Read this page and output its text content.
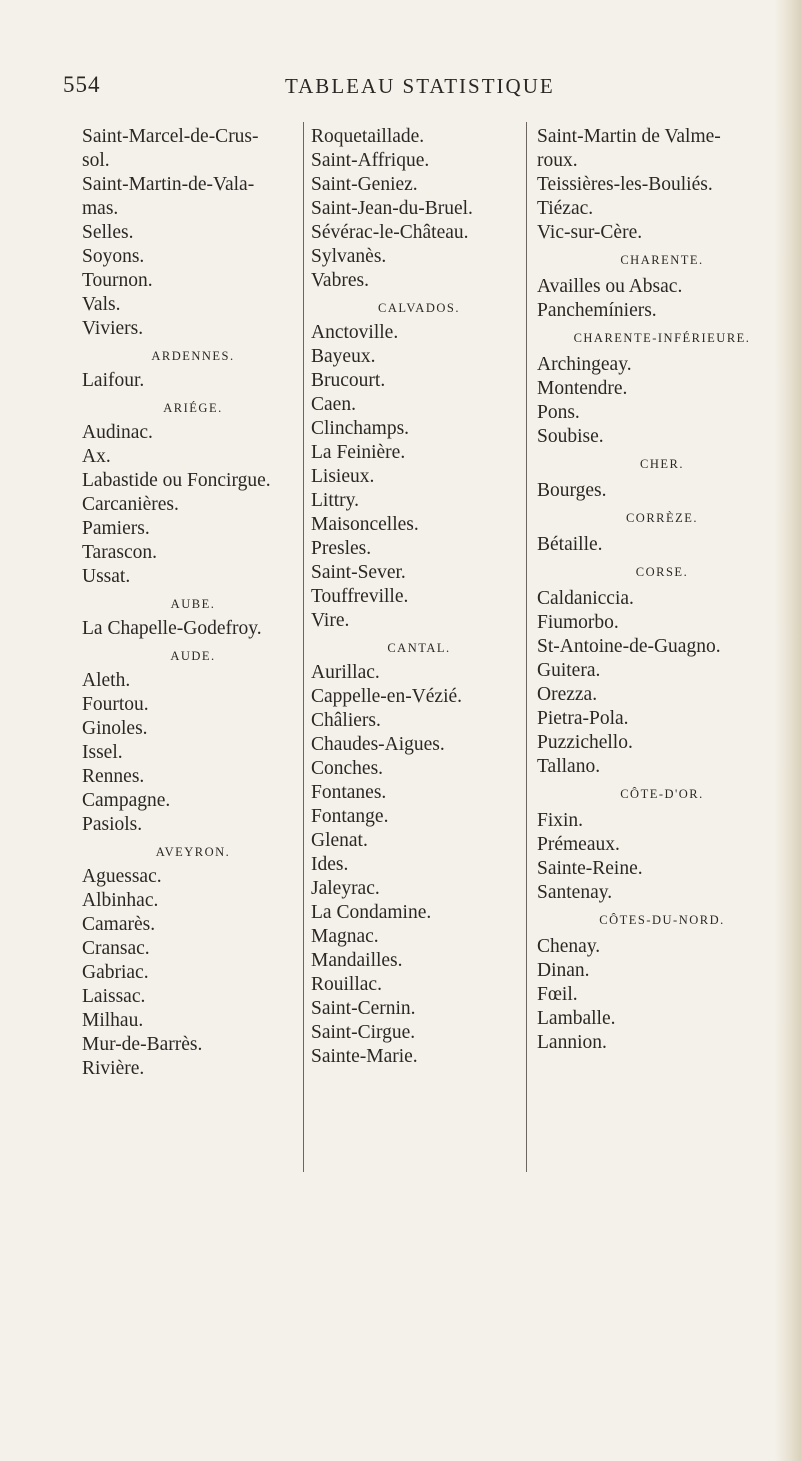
554	TABLEAU STATISTIQUE
Saint-Marcel-de-Crus-
sol.
Saint-Martin-de-Vala-
mas.
Selles.
Soyons.
Tournon.
Vals.
Viviers.
ARDENNES.
Laifour.
ARIÉGE.
Audinac.
Ax.
Labastide ou Foncirgue.
Carcanières.
Pamiers.
Tarascon.
Ussat.
AUBE.
La Chapelle-Godefroy.
AUDE.
Aleth.
Fourtou.
Ginoles.
Issel.
Rennes.
Campagne.
Pasiols.
AVEYRON.
Aguessac.
Albinhac.
Camarès.
Cransac.
Gabriac.
Laissac.
Milhau.
Mur-de-Barrès.
Rivière.
Roquetaillade.
Saint-Affrique.
Saint-Geniez.
Saint-Jean-du-Bruel.
Sévérac-le-Château.
Sylvanès.
Vabres.
CALVADOS.
Anctoville.
Bayeux.
Brucourt.
Caen.
Clinchamps.
La Feinière.
Lisieux.
Littry.
Maisoncelles.
Presles.
Saint-Sever.
Touffreville.
Vire.
CANTAL.
Aurillac.
Cappelle-en-Vézié.
Châliers.
Chaudes-Aigues.
Conches.
Fontanes.
Fontange.
Glenat.
Ides.
Jaleyrac.
La Condamine.
Magnac.
Mandailles.
Rouillac.
Saint-Cernin.
Saint-Cirgue.
Sainte-Marie.
Saint-Martin de Valme-
roux.
Teissières-les-Bouliés.
Tiézac.
Vic-sur-Cère.
CHARENTE.
Availles ou Absac.
Panchemíniers.
CHARENTE-INFÉRIEURE.
Archingeay.
Montendre.
Pons.
Soubise.
CHER.
Bourges.
CORRÈZE.
Bétaille.
CORSE.
Caldaniccia.
Fiumorbo.
St-Antoine-de-Guagno.
Guitera.
Orezza.
Pietra-Pola.
Puzzichello.
Tallano.
CÔTE-D'OR.
Fixin.
Prémeaux.
Sainte-Reine.
Santenay.
CÔTES-DU-NORD.
Chenay.
Dinan.
Fœil.
Lamballe.
Lannion.
